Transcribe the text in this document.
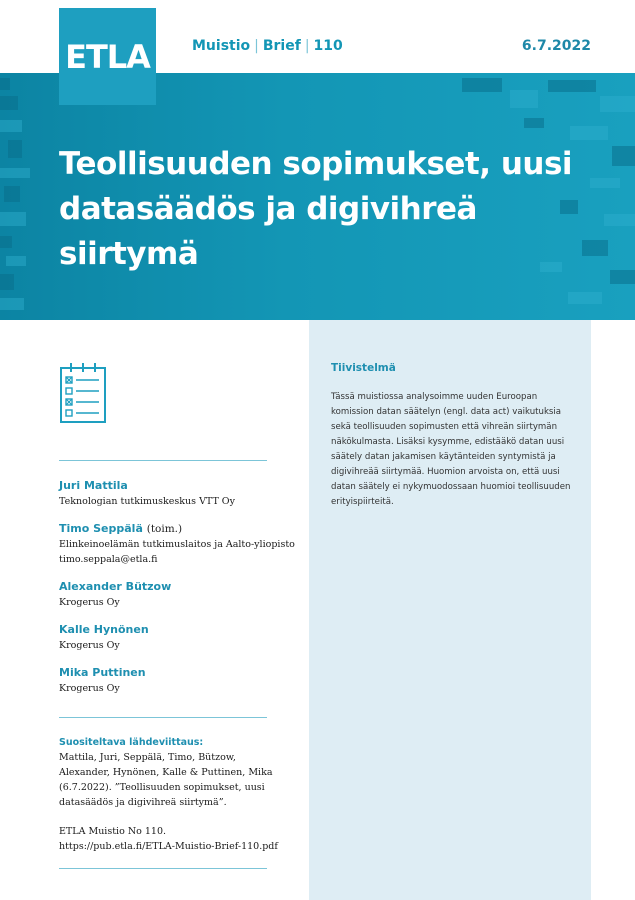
ETLA	Muistio | Brief | 110	6.7.2022
Teollisuuden sopimukset, uusi datasäädös ja digivihreä siirtymä
Juri Mattila
Teknologian tutkimuskeskus VTT Oy
Timo Seppälä (toim.)
Elinkeinoelämän tutkimuslaitos ja Aalto-yliopisto
timo.seppala@etla.fi
Alexander Bützow
Krogerus Oy
Kalle Hynönen
Krogerus Oy
Mika Puttinen
Krogerus Oy
Suositeltava lähdeviittaus:

Mattila, Juri, Seppälä, Timo, Bützow, Alexander, Hynönen, Kalle & Puttinen, Mika (6.7.2022). ”Teollisuuden sopimukset, uusi datasäädös ja digivihreä siirtymä”.

ETLA Muistio No 110.

https://pub.etla.fi/ETLA-Muistio-Brief-110.pdf

Tiivistelmä

Tässä muistiossa analysoimme uuden Euroopan komission datan säätelyn (engl. data act) vaikutuksia sekä teollisuuden sopimusten että vihreän siirtymän näkökulmasta. Lisäksi kysymme, edistääkö datan uusi säätely datan jakamisen käytänteiden syntymistä ja digivihreää siirtymää. Huomion arvoista on, että uusi datan säätely ei nykymuodossaan huomioi teollisuuden erityispiirteitä.
